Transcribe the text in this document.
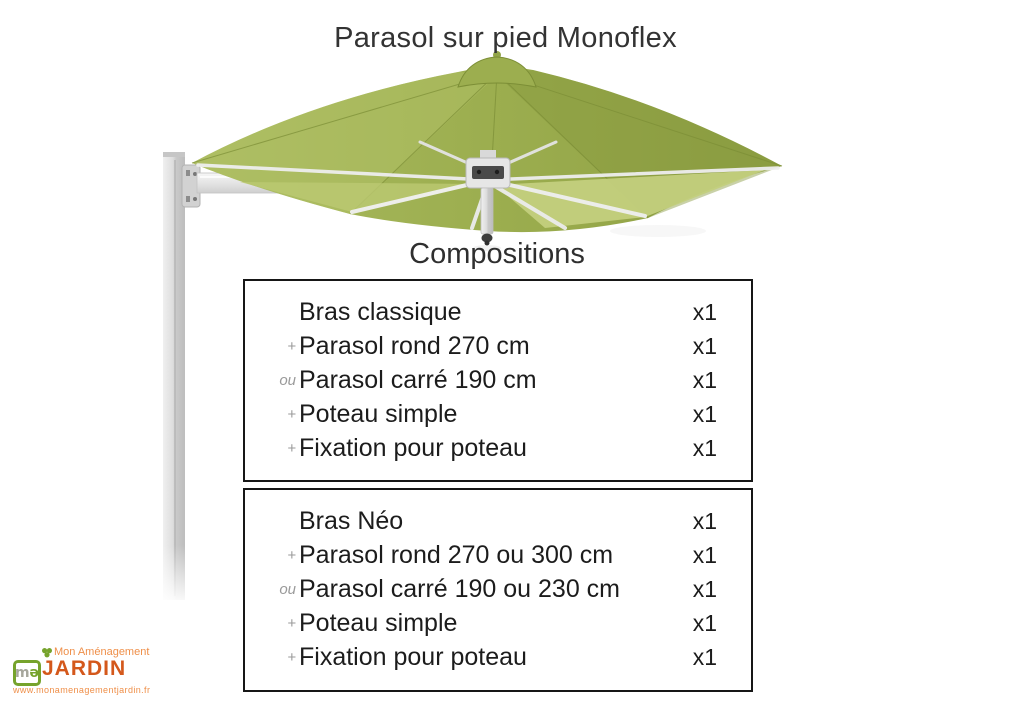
Parasol sur pied Monoflex
Compositions
Bras classique	x1
+ Parasol rond 270 cm	x1
ou Parasol carré 190 cm	x1
+ Poteau simple	x1
+ Fixation pour poteau	x1
Bras Néo	x1
+ Parasol rond 270 ou 300 cm	x1
ou Parasol carré 190 ou 230 cm	x1
+ Poteau simple	x1
+ Fixation pour poteau	x1
m ə
Mon Aménagement
JARDIN
www.monamenagementjardin.fr
